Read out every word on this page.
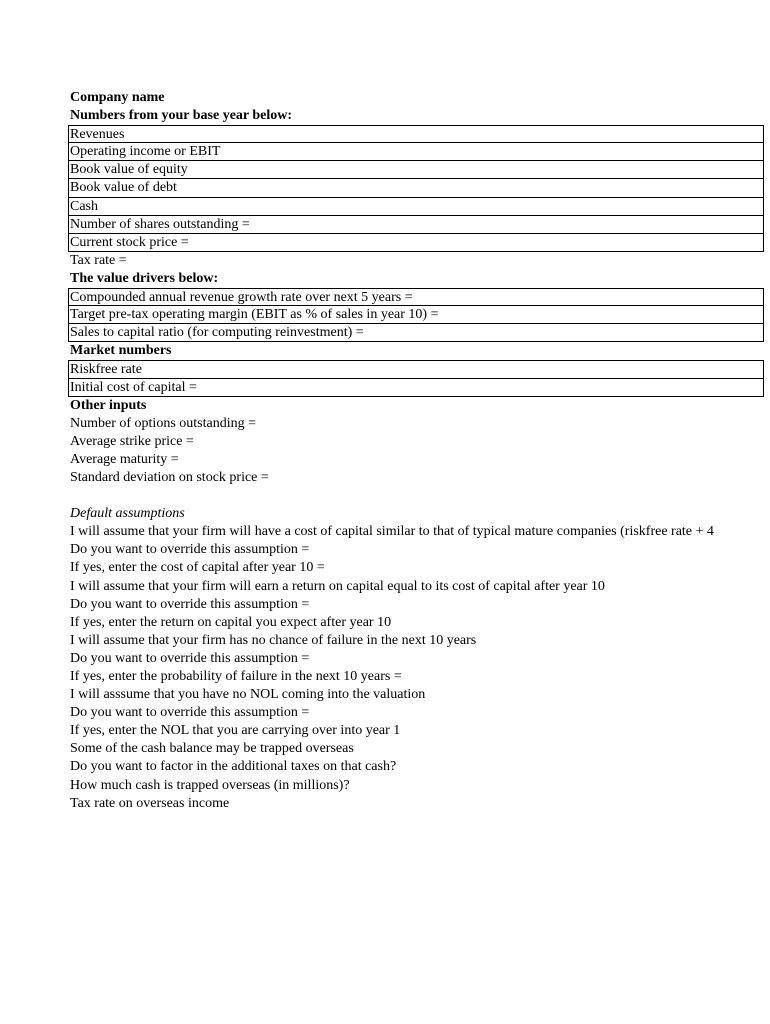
Company name
Numbers from your base year below:
Revenues
Operating income or EBIT
Book value of equity
Book value of debt
Cash
Number of shares outstanding =
Current stock price =
Tax rate =
The value drivers below:
Compounded annual revenue growth rate over next 5 years =
Target pre-tax operating margin (EBIT as % of sales in year 10) =
Sales to capital ratio (for computing reinvestment) =
Market numbers
Riskfree rate
Initial cost of capital =
Other inputs
Number of options outstanding =
Average strike price =
Average maturity =
Standard deviation on stock price =
Default assumptions
I will assume that your firm will have a cost of capital similar to that of typical mature companies (riskfree rate + 4
Do you want to override this assumption =
If yes, enter the cost of capital after year 10 =
I will assume that your firm will earn a return on capital equal to its cost of capital after year 10
Do you want to override this assumption =
If yes, enter the return on capital you expect after year 10
I will assume that your firm has no chance of failure in the next 10 years
Do you want to override this assumption =
If yes, enter the probability of failure in the next 10 years =
I will asssume that you have no NOL coming into the valuation
Do you want to override this assumption =
If yes, enter the NOL that you are carrying over into year 1
Some of the cash balance may be trapped overseas
Do you want to factor in the additional taxes on that cash?
How much cash is trapped overseas (in millions)?
Tax rate on overseas income
